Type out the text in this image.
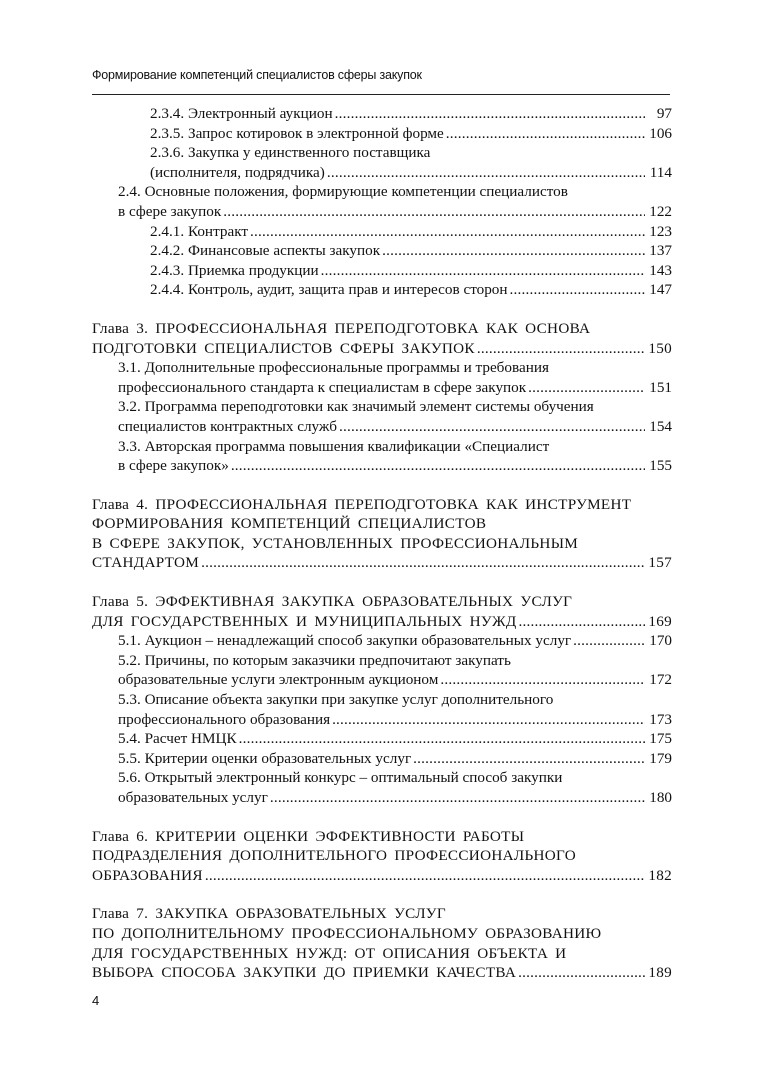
Формирование компетенций специалистов сферы закупок
2.3.4. Электронный аукцион .....	97
2.3.5. Запрос котировок в электронной форме .....	106
2.3.6. Закупка у единственного поставщика
(исполнителя, подрядчика) .....	114
2.4. Основные положения, формирующие компетенции специалистов
в сфере закупок .....	122
2.4.1. Контракт .....	123
2.4.2. Финансовые аспекты закупок .....	137
2.4.3. Приемка продукции .....	143
2.4.4. Контроль, аудит, защита прав и интересов сторон .....	147
Глава 3. ПРОФЕССИОНАЛЬНАЯ ПЕРЕПОДГОТОВКА КАК ОСНОВА
ПОДГОТОВКИ СПЕЦИАЛИСТОВ СФЕРЫ ЗАКУПОК .....	150
3.1. Дополнительные профессиональные программы и требования
профессионального стандарта к специалистам в сфере закупок .....	151
3.2. Программа переподготовки как значимый элемент системы обучения
специалистов контрактных служб .....	154
3.3. Авторская программа повышения квалификации «Специалист
в сфере закупок» .....	155
Глава 4. ПРОФЕССИОНАЛЬНАЯ ПЕРЕПОДГОТОВКА КАК ИНСТРУМЕНТ
ФОРМИРОВАНИЯ КОМПЕТЕНЦИЙ СПЕЦИАЛИСТОВ
В СФЕРЕ ЗАКУПОК, УСТАНОВЛЕННЫХ ПРОФЕССИОНАЛЬНЫМ
СТАНДАРТОМ .....	157
Глава 5. ЭФФЕКТИВНАЯ ЗАКУПКА ОБРАЗОВАТЕЛЬНЫХ УСЛУГ
ДЛЯ ГОСУДАРСТВЕННЫХ И МУНИЦИПАЛЬНЫХ НУЖД .....	169
5.1. Аукцион – ненадлежащий способ закупки образовательных услуг .....	170
5.2. Причины, по которым заказчики предпочитают закупать
образовательные услуги электронным аукционом .....	172
5.3. Описание объекта закупки при закупке услуг дополнительного
профессионального образования .....	173
5.4. Расчет НМЦК .....	175
5.5. Критерии оценки образовательных услуг .....	179
5.6. Открытый электронный конкурс – оптимальный способ закупки
образовательных услуг .....	180
Глава 6. КРИТЕРИИ ОЦЕНКИ ЭФФЕКТИВНОСТИ РАБОТЫ
ПОДРАЗДЕЛЕНИЯ ДОПОЛНИТЕЛЬНОГО ПРОФЕССИОНАЛЬНОГО
ОБРАЗОВАНИЯ .....	182
Глава 7. ЗАКУПКА ОБРАЗОВАТЕЛЬНЫХ УСЛУГ
ПО ДОПОЛНИТЕЛЬНОМУ ПРОФЕССИОНАЛЬНОМУ ОБРАЗОВАНИЮ
ДЛЯ ГОСУДАРСТВЕННЫХ НУЖД: ОТ ОПИСАНИЯ ОБЪЕКТА И
ВЫБОРА СПОСОБА ЗАКУПКИ ДО ПРИЕМКИ КАЧЕСТВА .....	189
4
